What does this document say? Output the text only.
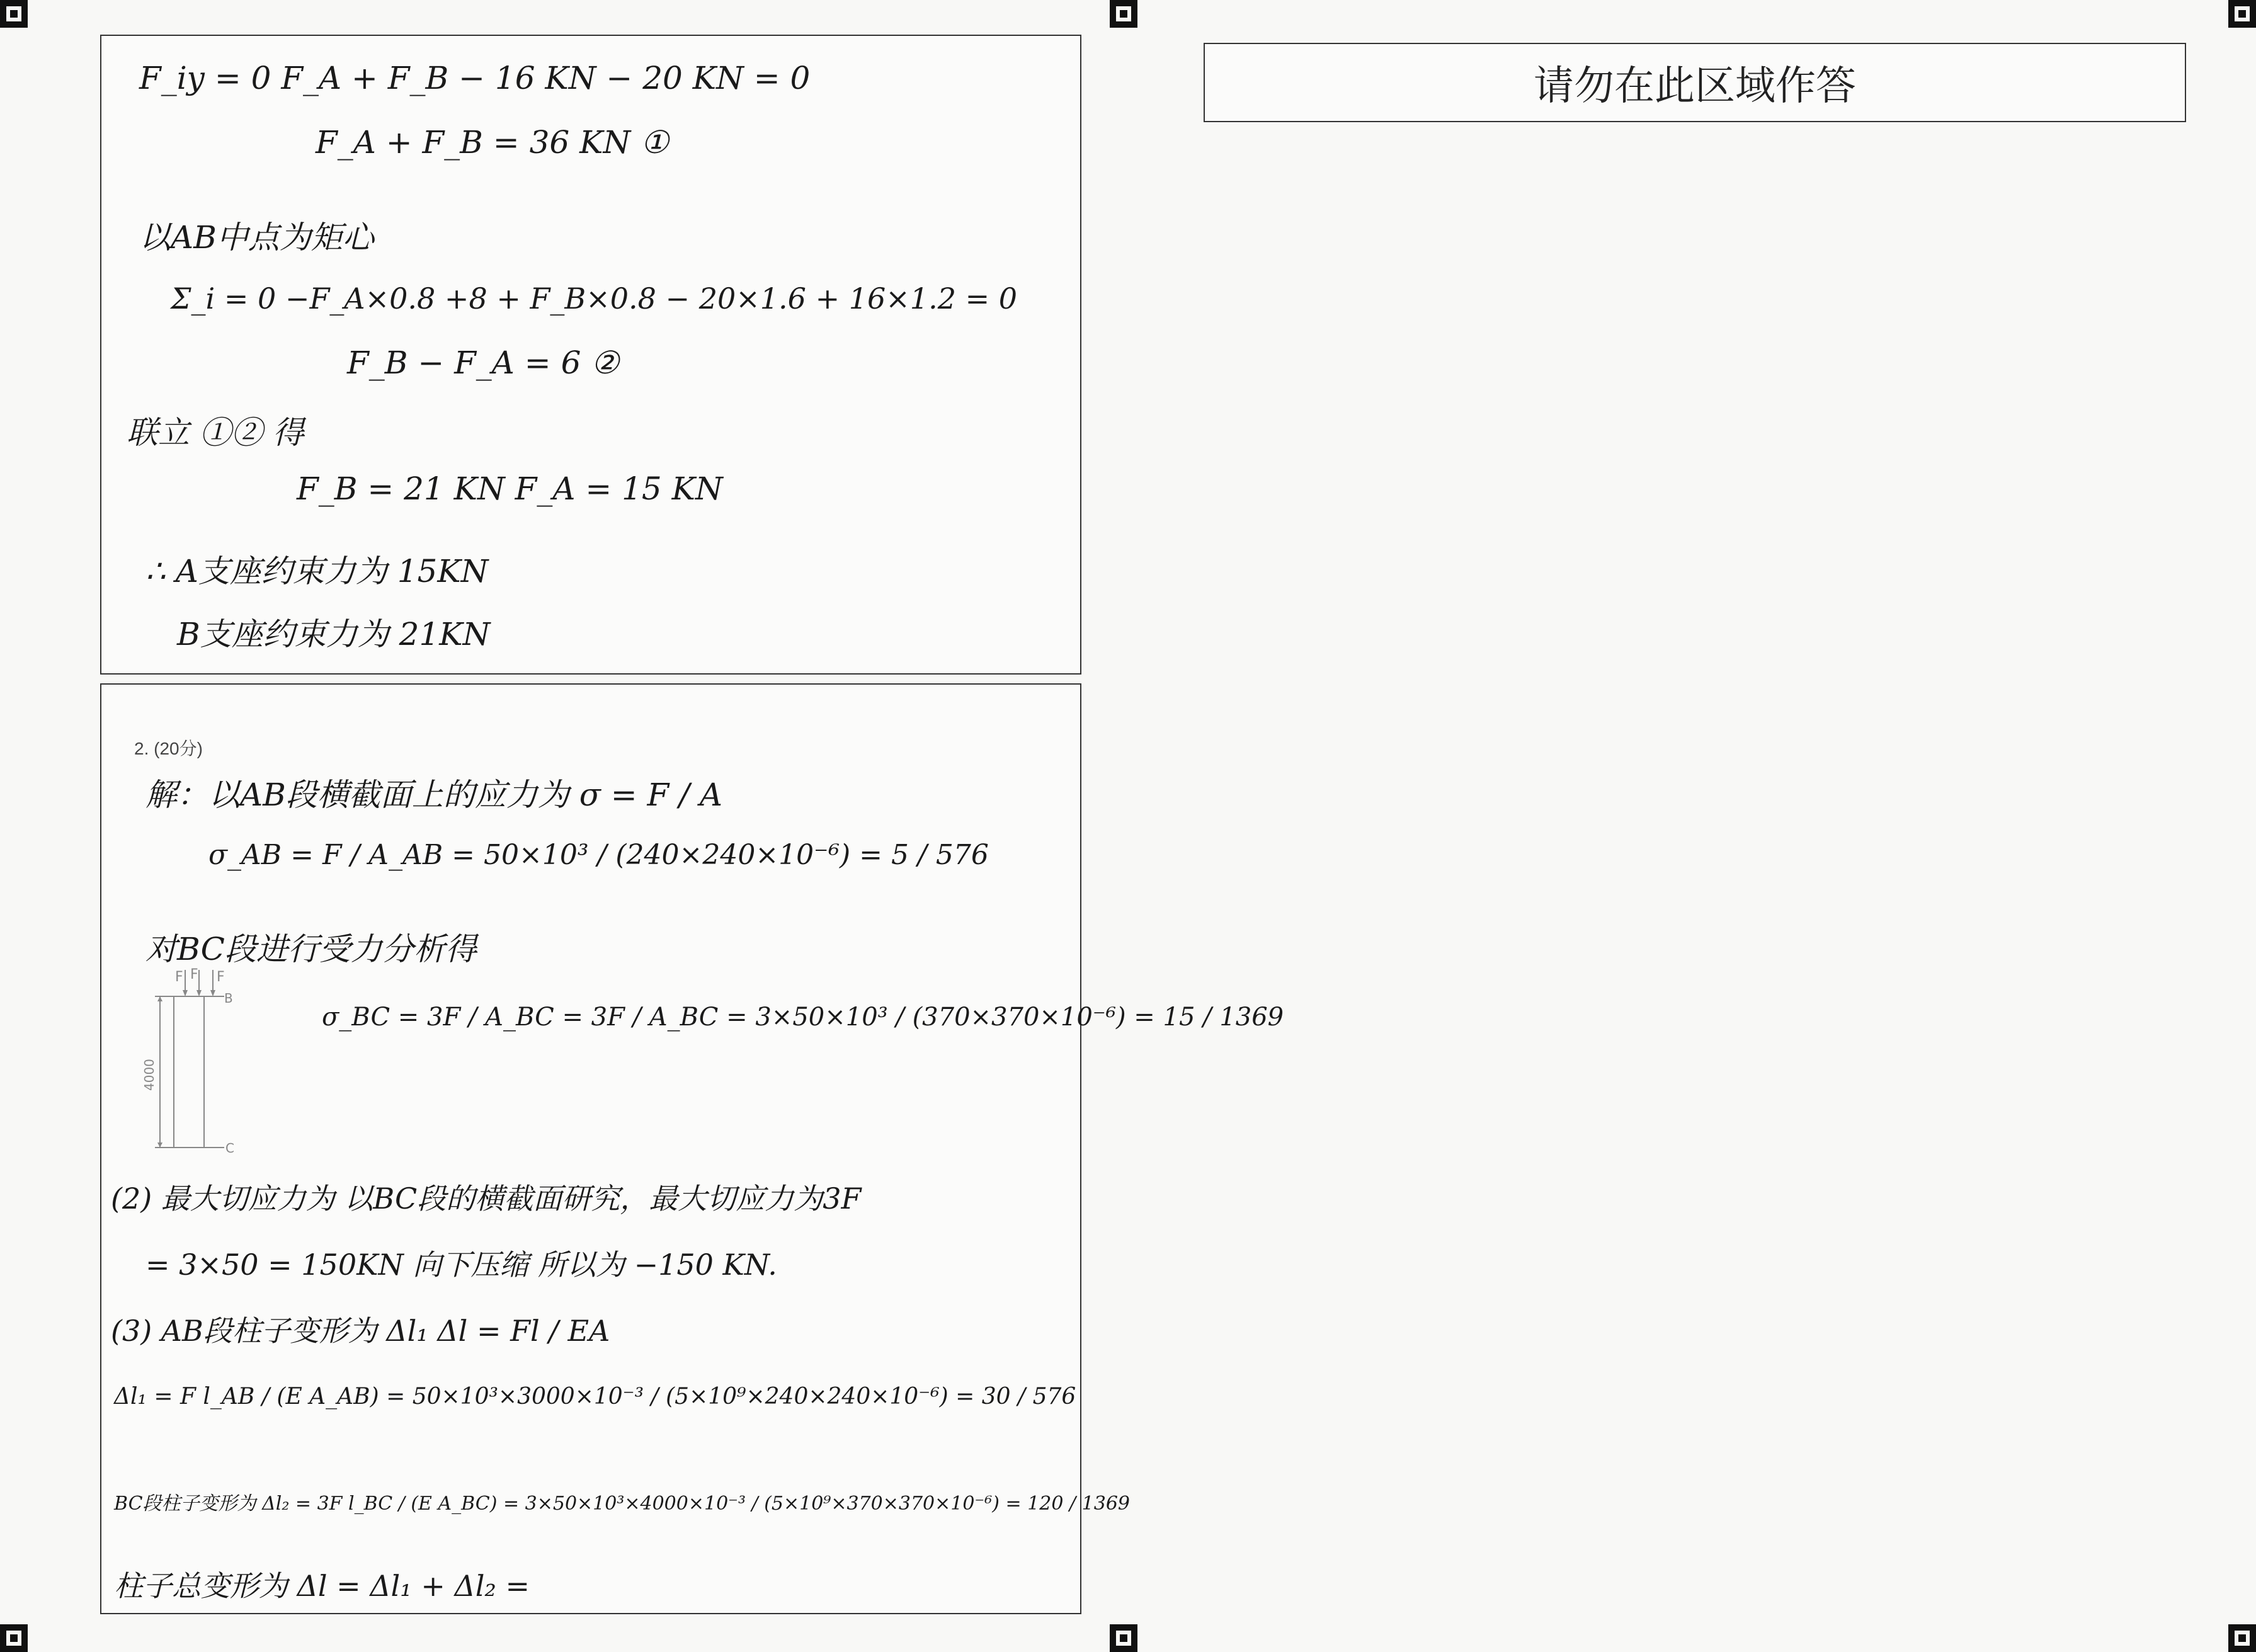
请勿在此区域作答
F_iy = 0 F_A + F_B − 16 KN − 20 KN = 0
F_A + F_B = 36 KN ①
以AB中点为矩心
Σ_i = 0 −F_A×0.8 +8 + F_B×0.8 − 20×1.6 + 16×1.2 = 0
F_B − F_A = 6 ②
联立 ①② 得
F_B = 21 KN F_A = 15 KN
∴ A支座约束力为 15KN
B支座约束力为 21KN
2. (20分)
解：以AB段横截面上的应力为 σ = F / A
σ_AB = F / A_AB = 50×10³ / (240×240×10⁻⁶) = 5 / 576
对BC段进行受力分析得
σ_BC = 3F / A_BC = 3F / A_BC = 3×50×10³ / (370×370×10⁻⁶) = 15 / 1369
(2) 最大切应力为 以BC段的横截面研究，最大切应力为3F
= 3×50 = 150KN 向下压缩 所以为 −150 KN.
(3) AB段柱子变形为 Δl₁ Δl = Fl / EA
Δl₁ = F l_AB / (E A_AB) = 50×10³×3000×10⁻³ / (5×10⁹×240×240×10⁻⁶) = 30 / 576
BC段柱子变形为 Δl₂ = 3F l_BC / (E A_BC) = 3×50×10³×4000×10⁻³ / (5×10⁹×370×370×10⁻⁶) = 120 / 1369
柱子总变形为 Δl = Δl₁ + Δl₂ =
F F F
B
4000
C
